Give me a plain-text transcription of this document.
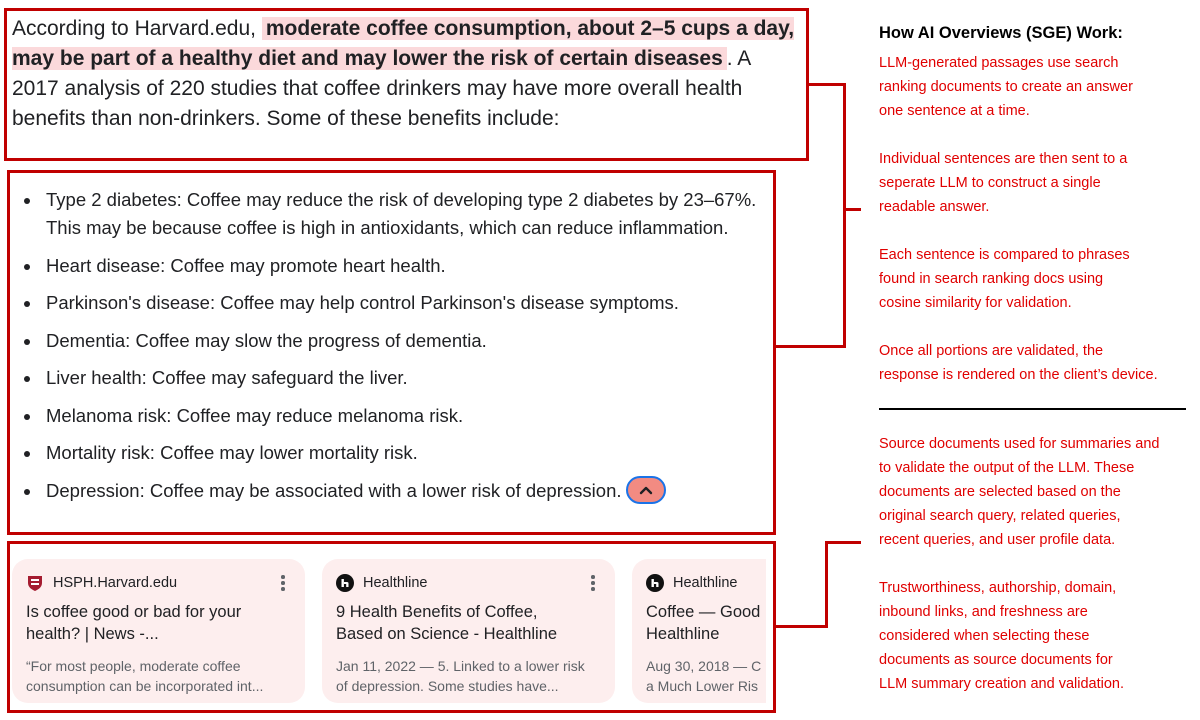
According to Harvard.edu, moderate coffee consumption, about 2–5 cups a day, may be part of a healthy diet and may lower the risk of certain diseases . A 2017 analysis of 220 studies that coffee drinkers may have more overall health benefits than non-drinkers. Some of these benefits include:
Type 2 diabetes: Coffee may reduce the risk of developing type 2 diabetes by 23–67%. This may be because coffee is high in antioxidants, which can reduce inflammation.
Heart disease: Coffee may promote heart health.
Parkinson's disease: Coffee may help control Parkinson's disease symptoms.
Dementia: Coffee may slow the progress of dementia.
Liver health: Coffee may safeguard the liver.
Melanoma risk: Coffee may reduce melanoma risk.
Mortality risk: Coffee may lower mortality risk.
Depression: Coffee may be associated with a lower risk of depression.
HSPH.Harvard.edu
Is coffee good or bad for your
health? | News -...
“For most people, moderate coffee
consumption can be incorporated int...
Healthline
9 Health Benefits of Coffee,
Based on Science - Healthline
Jan 11, 2022 — 5. Linked to a lower risk
of depression. Some studies have...
Healthline
Coffee — Good
Healthline
Aug 30, 2018 — C
a Much Lower Ris
How AI Overviews (SGE) Work:
LLM-generated passages use search
ranking documents to create an answer
one sentence at a time.
Individual sentences are then sent to a
seperate LLM to construct a single
readable answer.
Each sentence is compared to phrases
found in search ranking docs using
cosine similarity for validation.
Once all portions are validated, the
response is rendered on the client’s device.
Source documents used for summaries and
to validate the output of the LLM. These
documents are selected based on the
original search query, related queries,
recent queries, and user profile data.
Trustworthiness, authorship, domain,
inbound links, and freshness are
considered when selecting these
documents as source documents for
LLM summary creation and validation.
